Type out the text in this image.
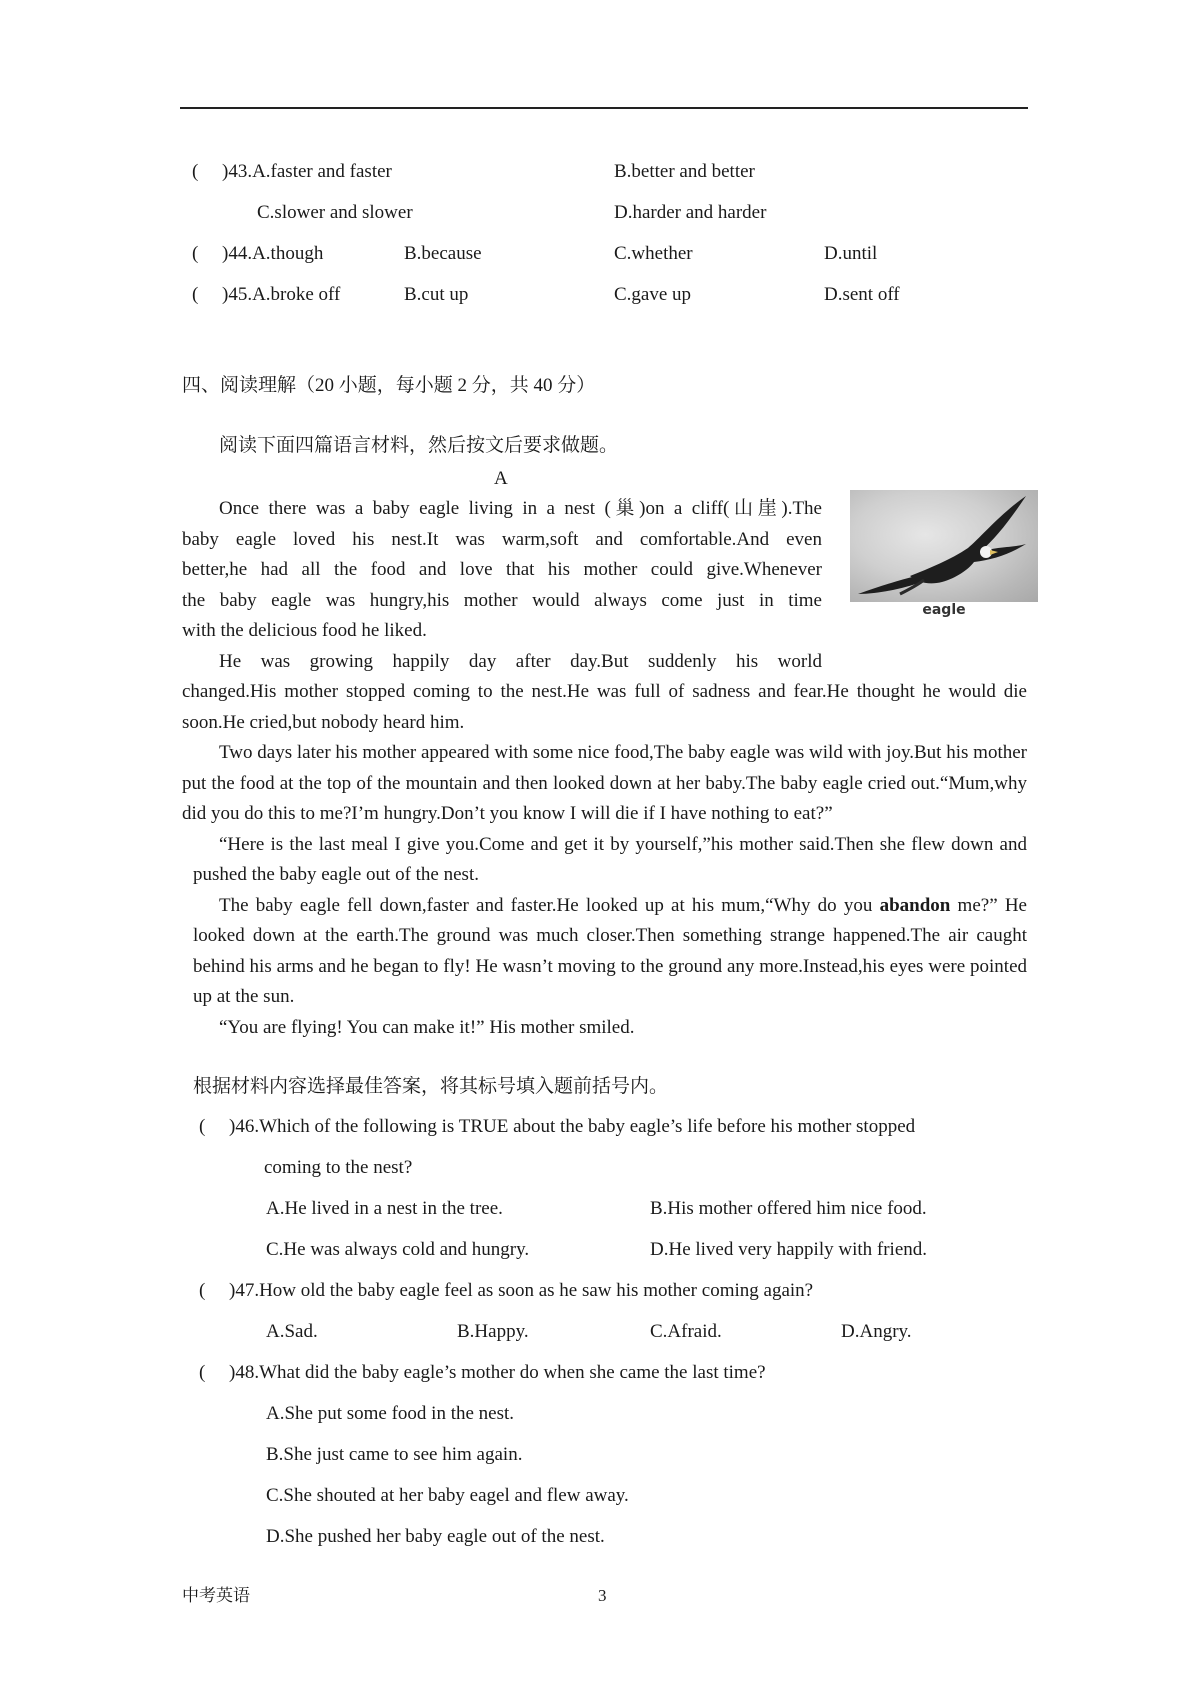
( )43.A.faster and faster	B.better and better
C.slower and slower	D.harder and harder
( )44.A.though	B.because	C.whether	D.until
( )45.A.broke off	B.cut up	C.gave up	D.sent off
四、阅读理解（20 小题，每小题 2 分，共 40 分）
阅读下面四篇语言材料，然后按文后要求做题。
A

Once there was a baby eagle living in a nest (巢)on a cliff(山崖).The

baby eagle loved his nest.It was warm,soft and comfortable.And even

better,he had all the food and love that his mother could give.Whenever

the baby eagle was hungry,his mother would always come just in time

with the delicious food he liked.

He was growing happily day after day.But suddenly his world

eagle

changed.His mother stopped coming to the nest.He was full of sadness and fear.He thought he would die soon.He cried,but nobody heard him.

Two days later his mother appeared with some nice food,The baby eagle was wild with joy.But his mother put the food at the top of the mountain and then looked down at her baby.The baby eagle cried out.“Mum,why did you do this to me?I’m hungry.Don’t you know I will die if I have nothing to eat?”

“Here is the last meal I give you.Come and get it by yourself,”his mother said.Then she flew down and pushed the baby eagle out of the nest.

The baby eagle fell down,faster and faster.He looked up at his mum,“Why do you abandon me?” He looked down at the earth.The ground was much closer.Then something strange happened.The air caught behind his arms and he began to fly! He wasn’t moving to the ground any more.Instead,his eyes were pointed up at the sun.

“You are flying! You can make it!” His mother smiled.

根据材料内容选择最佳答案，将其标号填入题前括号内。
( )46.Which of the following is TRUE about the baby eagle’s life before his mother stopped
coming to the nest?
A.He lived in a nest in the tree.	B.His mother offered him nice food.
C.He was always cold and hungry.	D.He lived very happily with friend.
( )47.How old the baby eagle feel as soon as he saw his mother coming again?
A.Sad.	B.Happy.	C.Afraid.	D.Angry.
( )48.What did the baby eagle’s mother do when she came the last time?
A.She put some food in the nest.
B.She just came to see him again.
C.She shouted at her baby eagel and flew away.
D.She pushed her baby eagle out of the nest.
中考英语	3
